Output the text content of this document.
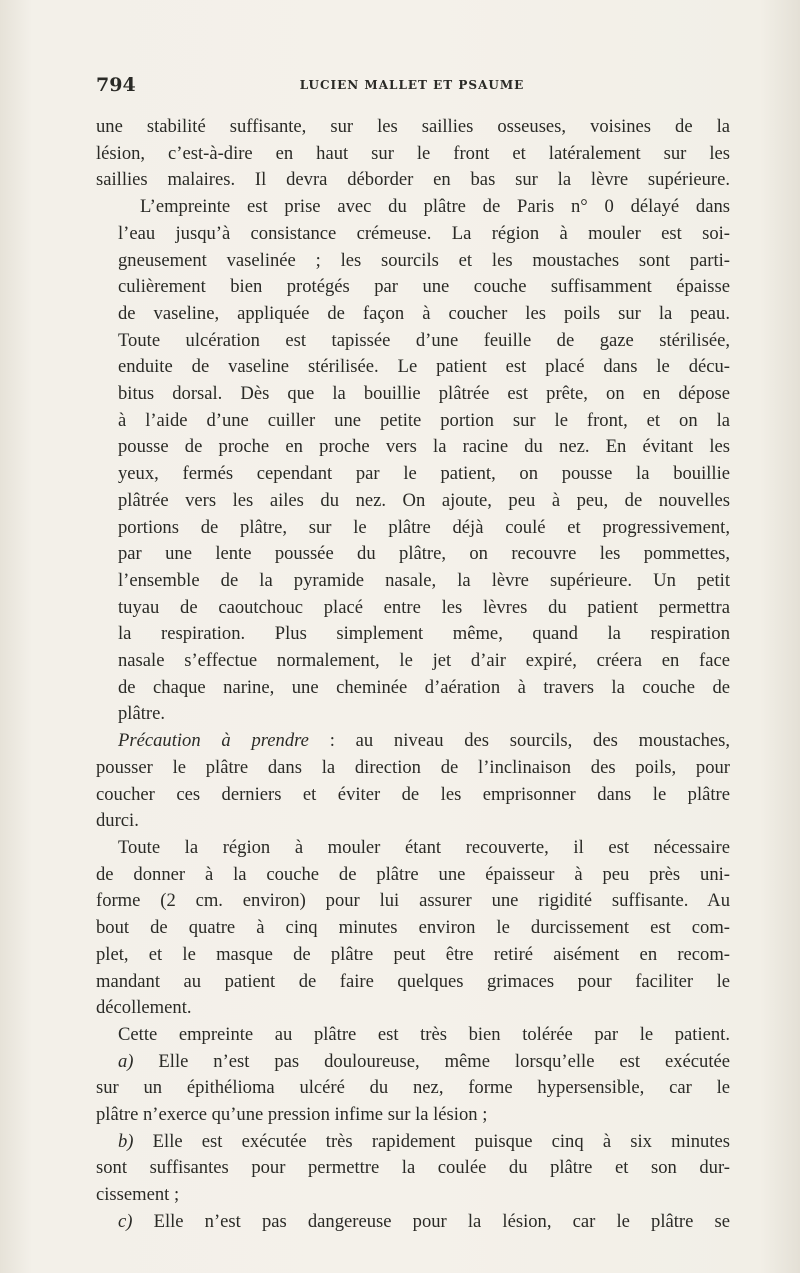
794	LUCIEN MALLET ET PSAUME

une stabilité suffisante, sur les saillies osseuses, voisines de la
lésion, c’est-à-dire en haut sur le front et latéralement sur les
saillies malaires. Il devra déborder en bas sur la lèvre supérieure.

L’empreinte est prise avec du plâtre de Paris n° 0 délayé dans
l’eau jusqu’à consistance crémeuse. La région à mouler est soi-
gneusement vaselinée ; les sourcils et les moustaches sont parti-
culièrement bien protégés par une couche suffisamment épaisse
de vaseline, appliquée de façon à coucher les poils sur la peau.
Toute ulcération est tapissée d’une feuille de gaze stérilisée,
enduite de vaseline stérilisée. Le patient est placé dans le décu-
bitus dorsal. Dès que la bouillie plâtrée est prête, on en dépose
à l’aide d’une cuiller une petite portion sur le front, et on la
pousse de proche en proche vers la racine du nez. En évitant les
yeux, fermés cependant par le patient, on pousse la bouillie
plâtrée vers les ailes du nez. On ajoute, peu à peu, de nouvelles
portions de plâtre, sur le plâtre déjà coulé et progressivement,
par une lente poussée du plâtre, on recouvre les pommettes,
l’ensemble de la pyramide nasale, la lèvre supérieure. Un petit
tuyau de caoutchouc placé entre les lèvres du patient permettra
la respiration. Plus simplement même, quand la respiration
nasale s’effectue normalement, le jet d’air expiré, créera en face
de chaque narine, une cheminée d’aération à travers la couche de
plâtre.

Précaution à prendre : au niveau des sourcils, des moustaches,
pousser le plâtre dans la direction de l’inclinaison des poils, pour
coucher ces derniers et éviter de les emprisonner dans le plâtre
durci.

Toute la région à mouler étant recouverte, il est nécessaire
de donner à la couche de plâtre une épaisseur à peu près uni-
forme (2 cm. environ) pour lui assurer une rigidité suffisante. Au
bout de quatre à cinq minutes environ le durcissement est com-
plet, et le masque de plâtre peut être retiré aisément en recom-
mandant au patient de faire quelques grimaces pour faciliter le
décollement.

Cette empreinte au plâtre est très bien tolérée par le patient.

a) Elle n’est pas douloureuse, même lorsqu’elle est exécutée
sur un épithélioma ulcéré du nez, forme hypersensible, car le
plâtre n’exerce qu’une pression infime sur la lésion ;

b) Elle est exécutée très rapidement puisque cinq à six minutes
sont suffisantes pour permettre la coulée du plâtre et son dur-
cissement ;

c) Elle n’est pas dangereuse pour la lésion, car le plâtre se
